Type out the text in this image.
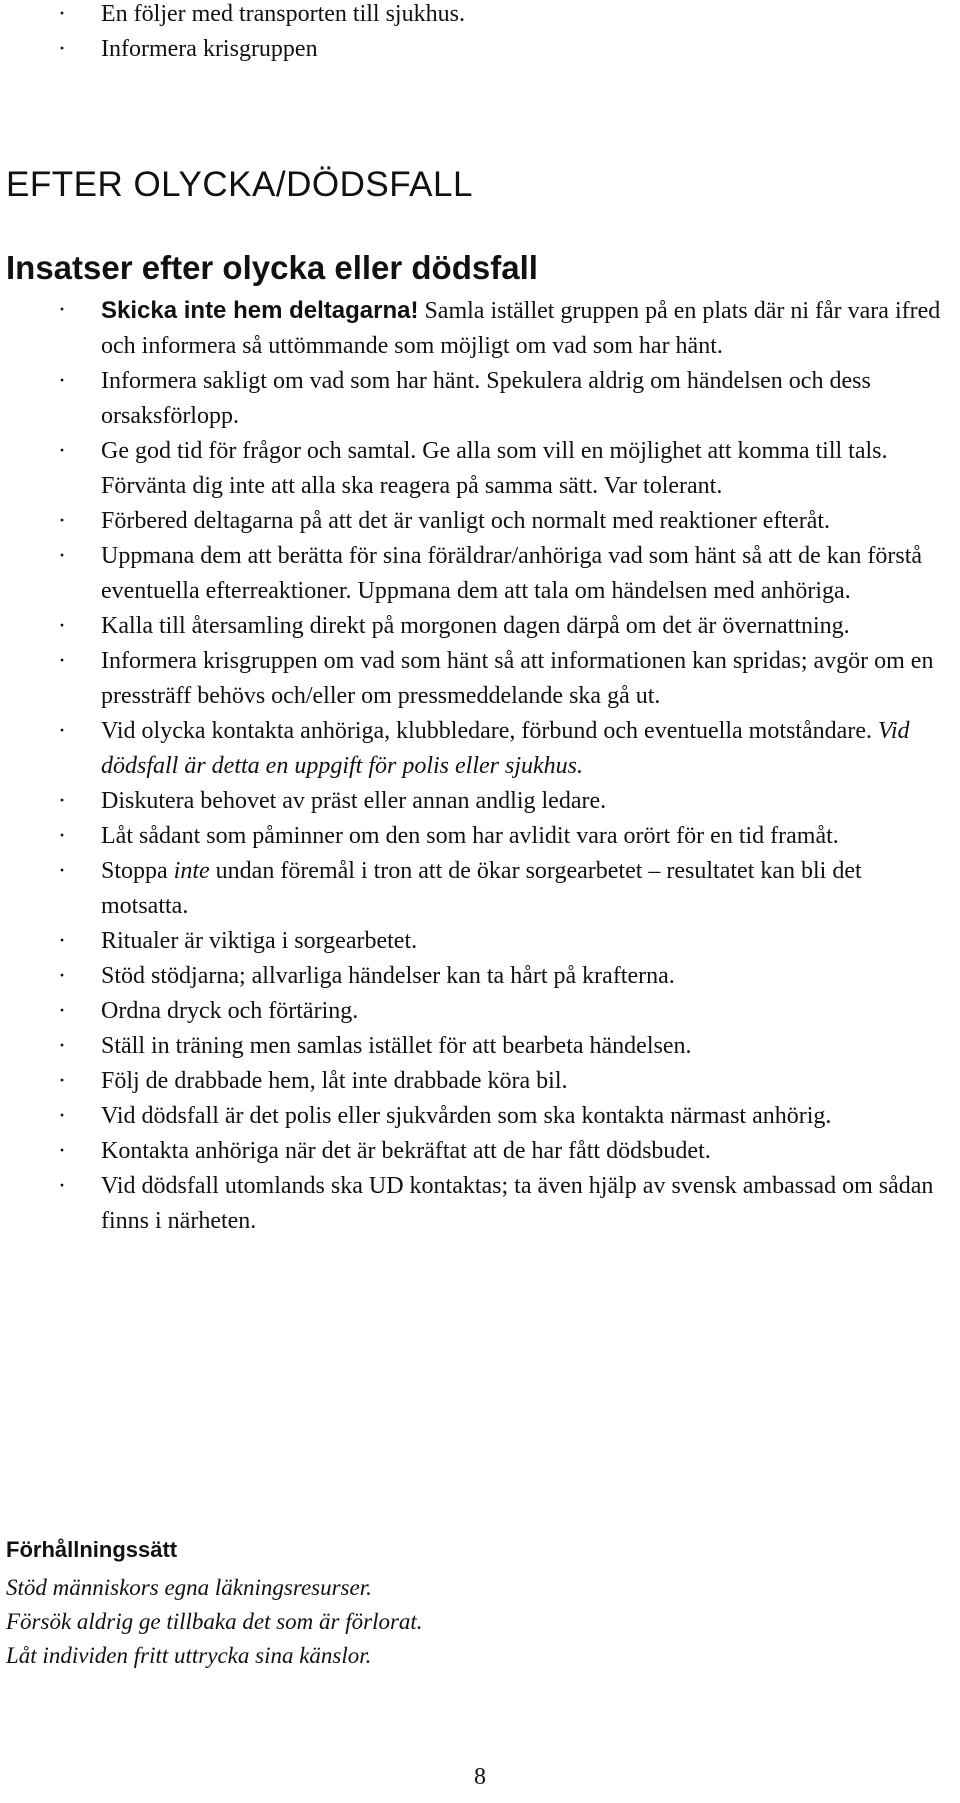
· En följer med transporten till sjukhus.
· Informera krisgruppen
EFTER OLYCKA/DÖDSFALL
Insatser efter olycka eller dödsfall
· Skicka inte hem deltagarna! Samla istället gruppen på en plats där ni får vara ifred och informera så uttömmande som möjligt om vad som har hänt.
· Informera sakligt om vad som har hänt. Spekulera aldrig om händelsen och dess orsaksförlopp.
· Ge god tid för frågor och samtal. Ge alla som vill en möjlighet att komma till tals. Förvänta dig inte att alla ska reagera på samma sätt. Var tolerant.
· Förbered deltagarna på att det är vanligt och normalt med reaktioner efteråt.
· Uppmana dem att berätta för sina föräldrar/anhöriga vad som hänt så att de kan förstå eventuella efterreaktioner. Uppmana dem att tala om händelsen med anhöriga.
· Kalla till återsamling direkt på morgonen dagen därpå om det är övernattning.
· Informera krisgruppen om vad som hänt så att informationen kan spridas; avgör om en pressträff behövs och/eller om pressmeddelande ska gå ut.
· Vid olycka kontakta anhöriga, klubbledare, förbund och eventuella motståndare. Vid dödsfall är detta en uppgift för polis eller sjukhus.
· Diskutera behovet av präst eller annan andlig ledare.
· Låt sådant som påminner om den som har avlidit vara orört för en tid framåt.
· Stoppa inte undan föremål i tron att de ökar sorgearbetet – resultatet kan bli det motsatta.
· Ritualer är viktiga i sorgearbetet.
· Stöd stödjarna; allvarliga händelser kan ta hårt på krafterna.
· Ordna dryck och förtäring.
· Ställ in träning men samlas istället för att bearbeta händelsen.
· Följ de drabbade hem, låt inte drabbade köra bil.
· Vid dödsfall är det polis eller sjukvården som ska kontakta närmast anhörig.
· Kontakta anhöriga när det är bekräftat att de har fått dödsbudet.
· Vid dödsfall utomlands ska UD kontaktas; ta även hjälp av svensk ambassad om sådan finns i närheten.
Förhållningssätt
Stöd människors egna läkningsresurser.
Försök aldrig ge tillbaka det som är förlorat.
Låt individen fritt uttrycka sina känslor.
8
